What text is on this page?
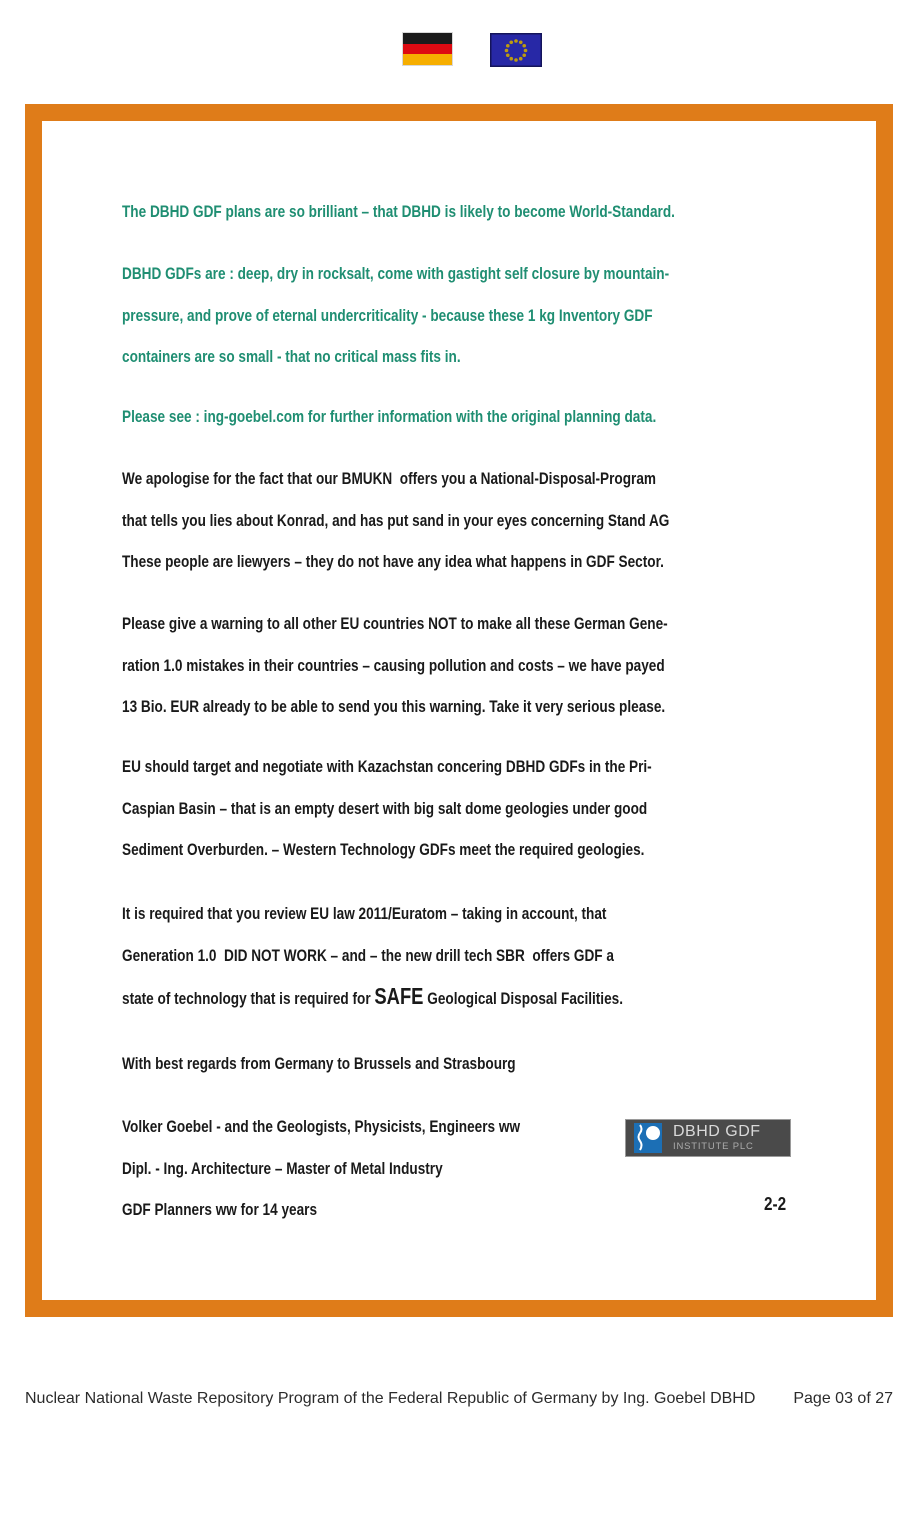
The DBHD GDF plans are so brilliant – that DBHD is likely to become World-Standard.
DBHD GDFs are : deep, dry in rocksalt, come with gastight self closure by mountain-
pressure, and prove of eternal undercriticality - because these 1 kg Inventory GDF
containers are so small - that no critical mass fits in.
Please see : ing-goebel.com for further information with the original planning data.
We apologise for the fact that our BMUKN  offers you a National-Disposal-Program
that tells you lies about Konrad, and has put sand in your eyes concerning Stand AG
These people are liewyers – they do not have any idea what happens in GDF Sector.
Please give a warning to all other EU countries NOT to make all these German Gene-
ration 1.0 mistakes in their countries – causing pollution and costs – we have payed
13 Bio. EUR already to be able to send you this warning. Take it very serious please.
EU should target and negotiate with Kazachstan concering DBHD GDFs in the Pri-
Caspian Basin – that is an empty desert with big salt dome geologies under good
Sediment Overburden. – Western Technology GDFs meet the required geologies.
It is required that you review EU law 2011/Euratom – taking in account, that
Generation 1.0  DID NOT WORK – and – the new drill tech SBR  offers GDF a
state of technology that is required for SAFE Geological Disposal Facilities.
With best regards from Germany to Brussels and Strasbourg
Volker Goebel - and the Geologists, Physicists, Engineers ww
Dipl. - Ing. Architecture – Master of Metal Industry
GDF Planners ww for 14 years	2-2
DBHD GDF
INSTITUTE PLC
Nuclear National Waste Repository Program of the Federal Republic of Germany by Ing. Goebel DBHD Page 03 of 27
